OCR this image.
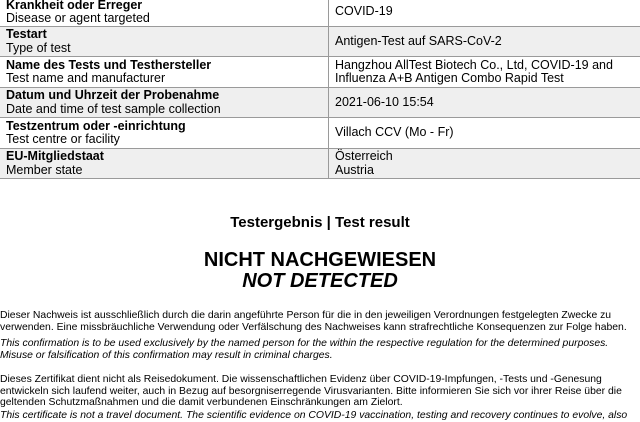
Krankheit oder Erreger
Disease or agent targeted	COVID-19

Testart
Type of test	Antigen-Test auf SARS-CoV-2

Name des Tests und Testhersteller
Test name and manufacturer	Hangzhou AllTest Biotech Co., Ltd, COVID-19 and
Influenza A+B Antigen Combo Rapid Test

Datum und Uhrzeit der Probenahme
Date and time of test sample collection	2021-06-10 15:54

Testzentrum oder -einrichtung
Test centre or facility	Villach CCV (Mo - Fr)

EU-Mitgliedstaat
Member state	Österreich
Austria
Testergebnis | Test result
NICHT NACHGEWIESEN
NOT DETECTED

Dieser Nachweis ist ausschließlich durch die darin angeführte Person für die in den jeweiligen Verordnungen festgelegten Zwecke zu verwenden. Eine missbräuchliche Verwendung oder Verfälschung des Nachweises kann strafrechtliche Konsequenzen zur Folge haben.

This confirmation is to be used exclusively by the named person for the within the respective regulation for the determined purposes. Misuse or falsification of this confirmation may result in criminal charges.

Dieses Zertifikat dient nicht als Reisedokument. Die wissenschaftlichen Evidenz über COVID-19-Impfungen, -Tests und -Genesung entwickeln sich laufend weiter, auch in Bezug auf besorgniserregende Virusvarianten. Bitte informieren Sie sich vor ihrer Reise über die geltenden Schutzmaßnahmen und die damit verbundenen Einschränkungen am Zielort.

This certificate is not a travel document. The scientific evidence on COVID-19 vaccination, testing and recovery continues to evolve, also
